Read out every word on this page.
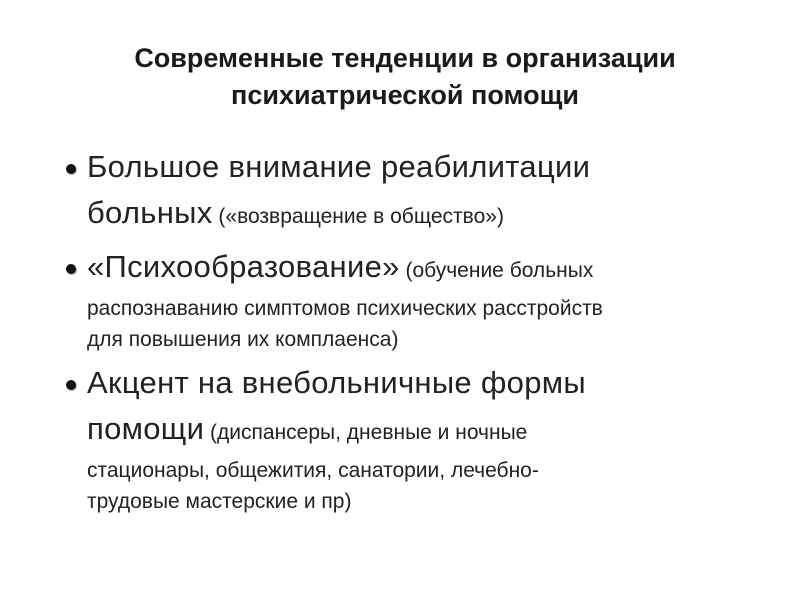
Современные тенденции в организации
психиатрической помощи
Большое внимание реабилитации
больных («возвращение в общество»)
«Психообразование» (обучение больных
распознаванию симптомов психических расстройств
для повышения их комплаенса)
Акцент на внебольничные формы
помощи (диспансеры, дневные и ночные
стационары, общежития, санатории, лечебно-
трудовые мастерские и пр)
